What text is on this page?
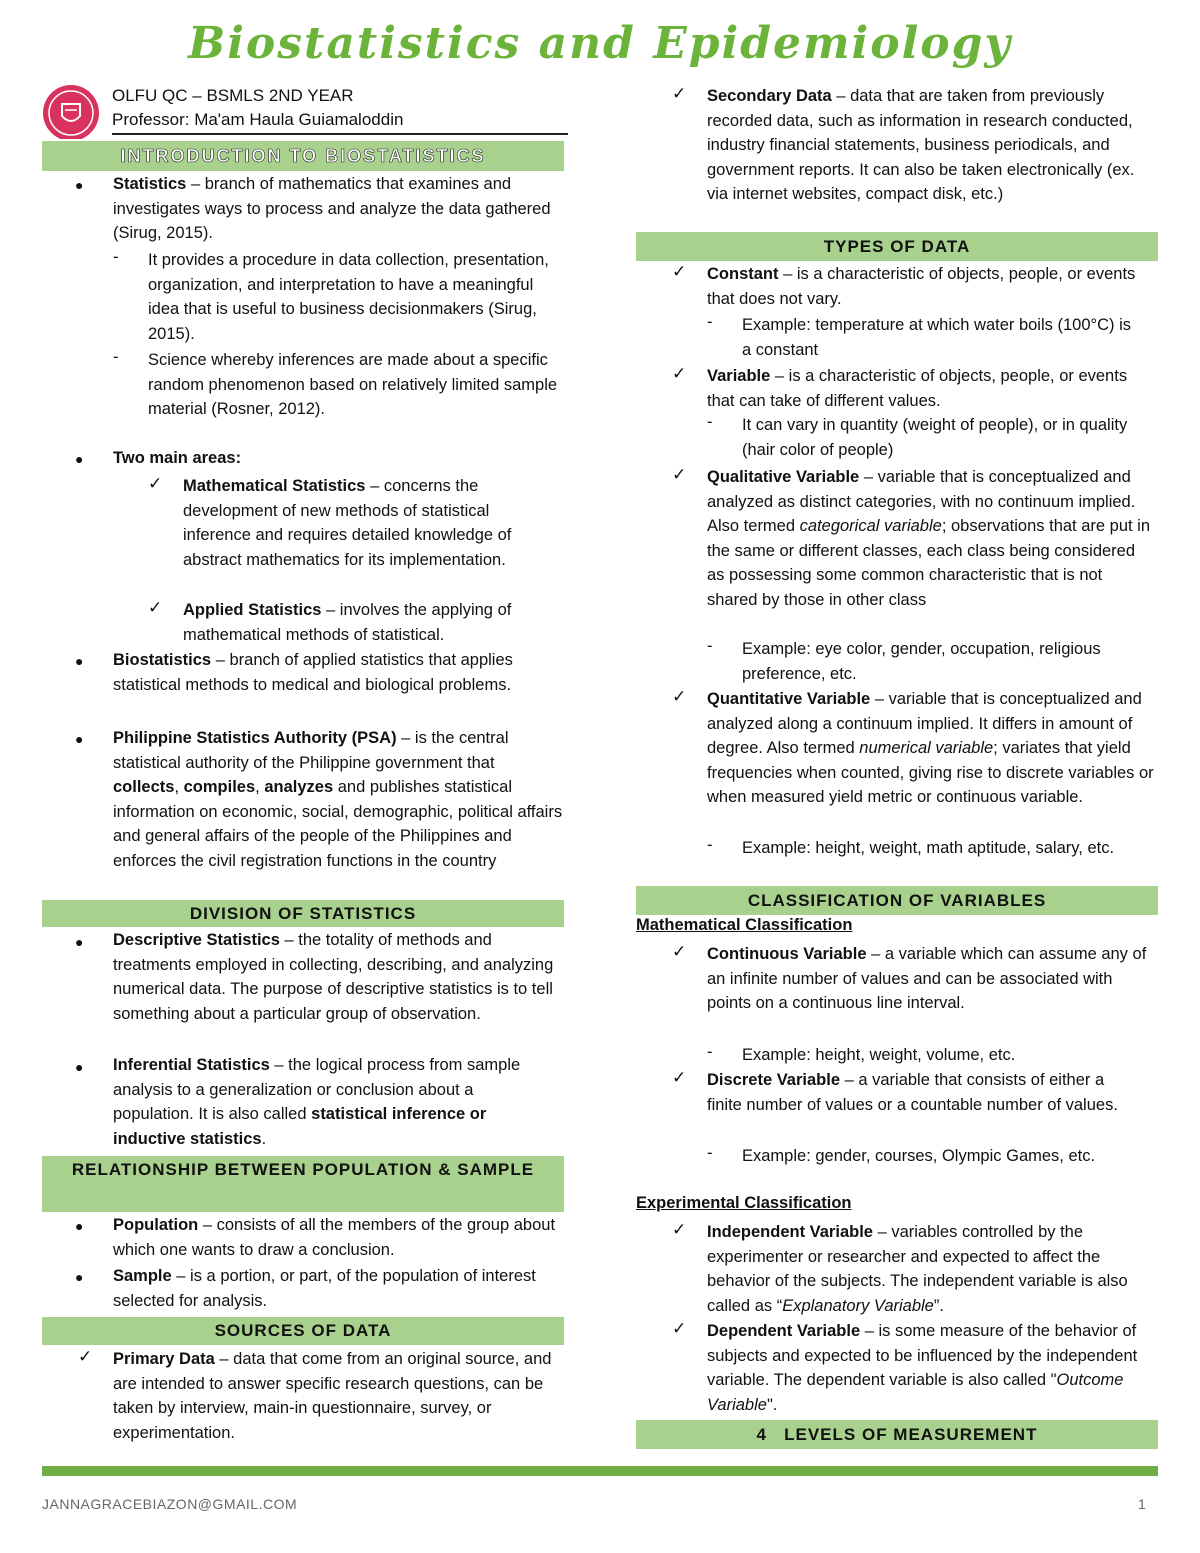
Biostatistics and Epidemiology
OLFU QC – BSMLS 2ND YEAR
Professor: Ma'am Haula Guiamaloddin
INTRODUCTION TO BIOSTATISTICS
● Statistics – branch of mathematics that examines and investigates ways to process and analyze the data gathered (Sirug, 2015).
- It provides a procedure in data collection, presentation, organization, and interpretation to have a meaningful idea that is useful to business decisionmakers (Sirug, 2015).
- Science whereby inferences are made about a specific random phenomenon based on relatively limited sample material (Rosner, 2012).
● Two main areas:
✓ Mathematical Statistics – concerns the development of new methods of statistical inference and requires detailed knowledge of abstract mathematics for its implementation.
✓ Applied Statistics – involves the applying of mathematical methods of statistical.
● Biostatistics – branch of applied statistics that applies statistical methods to medical and biological problems.
● Philippine Statistics Authority (PSA) – is the central statistical authority of the Philippine government that collects, compiles, analyzes and publishes statistical information on economic, social, demographic, political affairs and general affairs of the people of the Philippines and enforces the civil registration functions in the country
DIVISION OF STATISTICS
● Descriptive Statistics – the totality of methods and treatments employed in collecting, describing, and analyzing numerical data. The purpose of descriptive statistics is to tell something about a particular group of observation.
● Inferential Statistics – the logical process from sample analysis to a generalization or conclusion about a population. It is also called statistical inference or inductive statistics.
RELATIONSHIP BETWEEN POPULATION & SAMPLE
● Population – consists of all the members of the group about which one wants to draw a conclusion.
● Sample – is a portion, or part, of the population of interest selected for analysis.
SOURCES OF DATA
✓ Primary Data – data that come from an original source, and are intended to answer specific research questions, can be taken by interview, main-in questionnaire, survey, or experimentation.
✓ Secondary Data – data that are taken from previously recorded data, such as information in research conducted, industry financial statements, business periodicals, and government reports. It can also be taken electronically (ex. via internet websites, compact disk, etc.)
TYPES OF DATA
✓ Constant – is a characteristic of objects, people, or events that does not vary.
- Example: temperature at which water boils (100°C) is a constant
✓ Variable – is a characteristic of objects, people, or events that can take of different values.
- It can vary in quantity (weight of people), or in quality (hair color of people)
✓ Qualitative Variable – variable that is conceptualized and analyzed as distinct categories, with no continuum implied. Also termed categorical variable; observations that are put in the same or different classes, each class being considered as possessing some common characteristic that is not shared by those in other class
- Example: eye color, gender, occupation, religious preference, etc.
✓ Quantitative Variable – variable that is conceptualized and analyzed along a continuum implied. It differs in amount of degree. Also termed numerical variable; variates that yield frequencies when counted, giving rise to discrete variables or when measured yield metric or continuous variable.
- Example: height, weight, math aptitude, salary, etc.
CLASSIFICATION OF VARIABLES
Mathematical Classification
✓ Continuous Variable – a variable which can assume any of an infinite number of values and can be associated with points on a continuous line interval.
- Example: height, weight, volume, etc.
✓ Discrete Variable – a variable that consists of either a finite number of values or a countable number of values.
- Example: gender, courses, Olympic Games, etc.
Experimental Classification
✓ Independent Variable – variables controlled by the experimenter or researcher and expected to affect the behavior of the subjects. The independent variable is also called as “Explanatory Variable”.
✓ Dependent Variable – is some measure of the behavior of subjects and expected to be influenced by the independent variable. The dependent variable is also called "Outcome Variable".
4   LEVELS OF MEASUREMENT
JANNAGRACEBIAZON@GMAIL.COM	1
